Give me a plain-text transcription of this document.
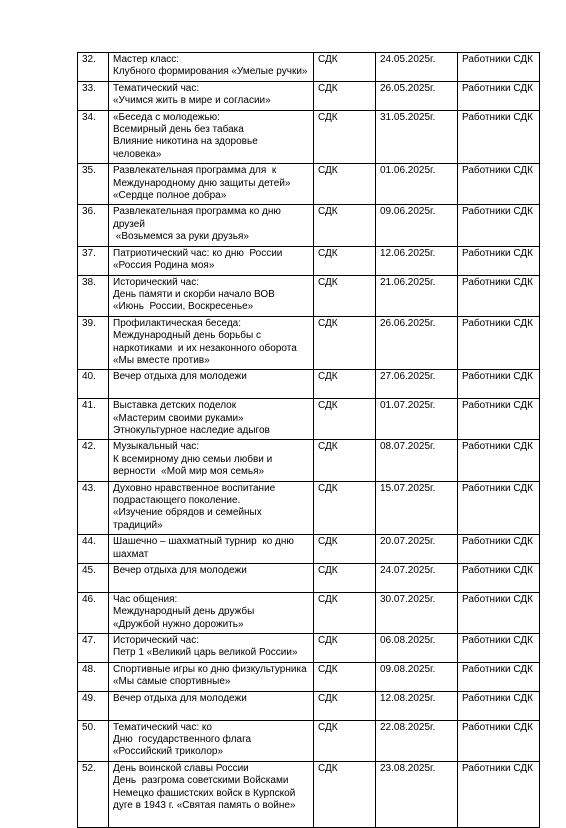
32.	Мастер класс:
Клубного формирования «Умелые ручки»	СДК	24.05.2025г.	Работники СДК
33.	Тематический час:
«Учимся жить в мире и согласии»	СДК	26.05.2025г.	Работники СДК
34.	«Беседа с молодежью:
Всемирный день без табака
Влияние никотина на здоровье
человека»	СДК	31.05.2025г.	Работники СДК
35.	Развлекательная программа для  к
Международному дню защиты детей»
«Сердце полное добра»	СДК	01.06.2025г.	Работники СДК
36.	Развлекательная программа ко дню
друзей
«Возьмемся за руки друзья»	СДК	09.06.2025г.	Работники СДК
37.	Патриотический час: ко дню  России
«Россия Родина моя»	СДК	12.06.2025г.	Работники СДК
38.	Исторический час:
День памяти и скорби начало ВОВ
«Июнь  России, Воскресенье»	СДК	21.06.2025г.	Работники СДК
39.	Профилактическая беседа:
Международный день борьбы с
наркотиками  и их незаконного оборота
«Мы вместе против»	СДК	26.06.2025г.	Работники СДК
40.	Вечер отдыха для молодежи	СДК	27.06.2025г.	Работники СДК
41.	Выставка детских поделок
«Мастерим своими руками»
Этнокультурное наследие адыгов	СДК	01.07.2025г.	Работники СДК
42.	Музыкальный час:
К всемирному дню семьи любви и
верности  «Мой мир моя семья»	СДК	08.07.2025г.	Работники СДК
43.	Духовно нравственное воспитание
подрастающего поколение.
«Изучение обрядов и семейных
традиций»	СДК	15.07.2025г.	Работники СДК
44.	Шашечно – шахматный турнир  ко дню
шахмат	СДК	20.07.2025г.	Работники СДК
45.	Вечер отдыха для молодежи	СДК	24.07.2025г.	Работники СДК
46.	Час общения:
Международный день дружбы
«Дружбой нужно дорожить»	СДК	30.07.2025г.	Работники СДК
47.	Исторический час:
Петр 1 «Великий царь великой России»	СДК	06.08.2025г.	Работники СДК
48.	Спортивные игры ко дню физкультурника
«Мы самые спортивные»	СДК	09.08.2025г.	Работники СДК
49.	Вечер отдыха для молодежи	СДК	12.08.2025г.	Работники СДК
50.	Тематический час: ко
Дню  государственного флага
«Российский триколор»	СДК	22.08.2025г.	Работники СДК
52.	День воинской славы России
День  разгрома советскими Войсками
Немецко фашистских войск в Курпской
дуге в 1943 г. «Святая память о войне»	СДК	23.08.2025г.	Работники СДК
